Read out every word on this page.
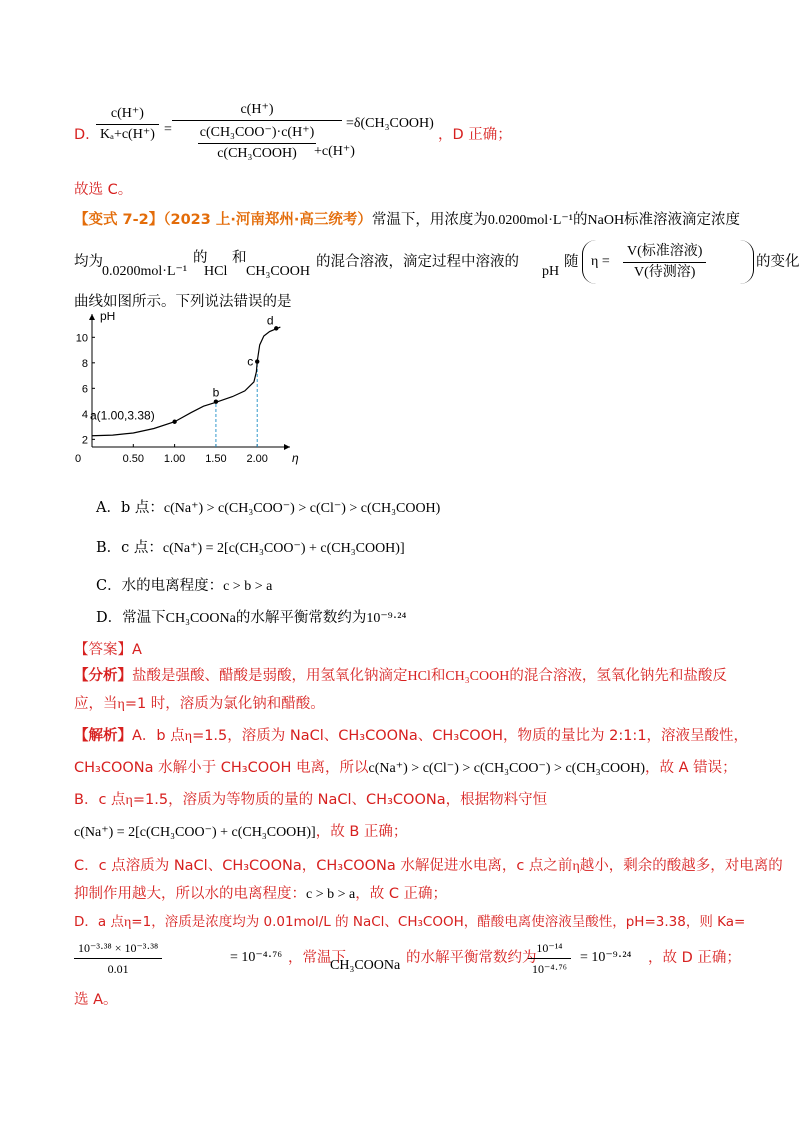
D. $\frac{c(H^+)}{\text{Kₐ+c(H⁺)}}$ =
c(H⁺)
$\frac{\text{c(CH₃COO⁻)·c(H⁺)}}{\text{c(CH₃COOH)}}$
+c(H⁺)
=δ(CH₃COOH)
，D 正确；
故选 C。
【变式 7-2】（2023 上·河南郑州·高三统考）常温下，用浓度为0.0200mol·L⁻¹的NaOH标准溶液滴定浓度
均为
0.0200mol·L⁻¹
的
HCl
和
CH₃COOH
的混合溶液，滴定过程中溶液的
pH
随 η =
V(标准溶液)
V(待测溶)
的变化
曲线如图所示。下列说法错误的是
pH
η
0	0.50 1.00 1.50 2.00
2
4
6
8
10
a(1.00,3.38)
b
c
d
A．b 点：c(Na⁺) > c(CH₃COO⁻) > c(Cl⁻) > c(CH₃COOH)
B．c 点：c(Na⁺) = 2[c(CH₃COO⁻) + c(CH₃COOH)]
C．水的电离程度：c > b > a
D．常温下CH₃COONa的水解平衡常数约为10⁻⁹·²⁴
【答案】A
【分析】盐酸是强酸、醋酸是弱酸，用氢氧化钠滴定HCl和CH₃COOH的混合溶液，氢氧化钠先和盐酸反
应，当η=1 时，溶质为氯化钠和醋酸。
【解析】A．b 点η=1.5，溶质为 NaCl、CH₃COONa、CH₃COOH，物质的量比为 2:1:1，溶液呈酸性，
CH₃COONa 水解小于 CH₃COOH 电离，所以c(Na⁺) > c(Cl⁻) > c(CH₃COO⁻) > c(CH₃COOH)，故 A 错误；
B．c 点η=1.5，溶质为等物质的量的 NaCl、CH₃COONa，根据物料守恒
c(Na⁺) = 2[c(CH₃COO⁻) + c(CH₃COOH)]，故 B 正确；
C．c 点溶质为 NaCl、CH₃COONa，CH₃COONa 水解促进水电离，c 点之前η越小，剩余的酸越多，对电离的
抑制作用越大，所以水的电离程度：c > b > a，故 C 正确；
D．a 点η=1，溶质是浓度均为 0.01mol/L 的 NaCl、CH₃COOH，醋酸电离使溶液呈酸性，pH=3.38，则 Ka=
$\frac{\text{10⁻³·³⁸ × 10⁻³·³⁸}}{0.01}$	= 10⁻⁴·⁷⁶ ，常温下
CH₃COONa 的水解平衡常数约为
$\frac{\text{10⁻¹⁴}}{\text{10⁻⁴·⁷⁶}} = 10^{-9}\cdot^{24}$ ，故 D 正确；
选 A。
